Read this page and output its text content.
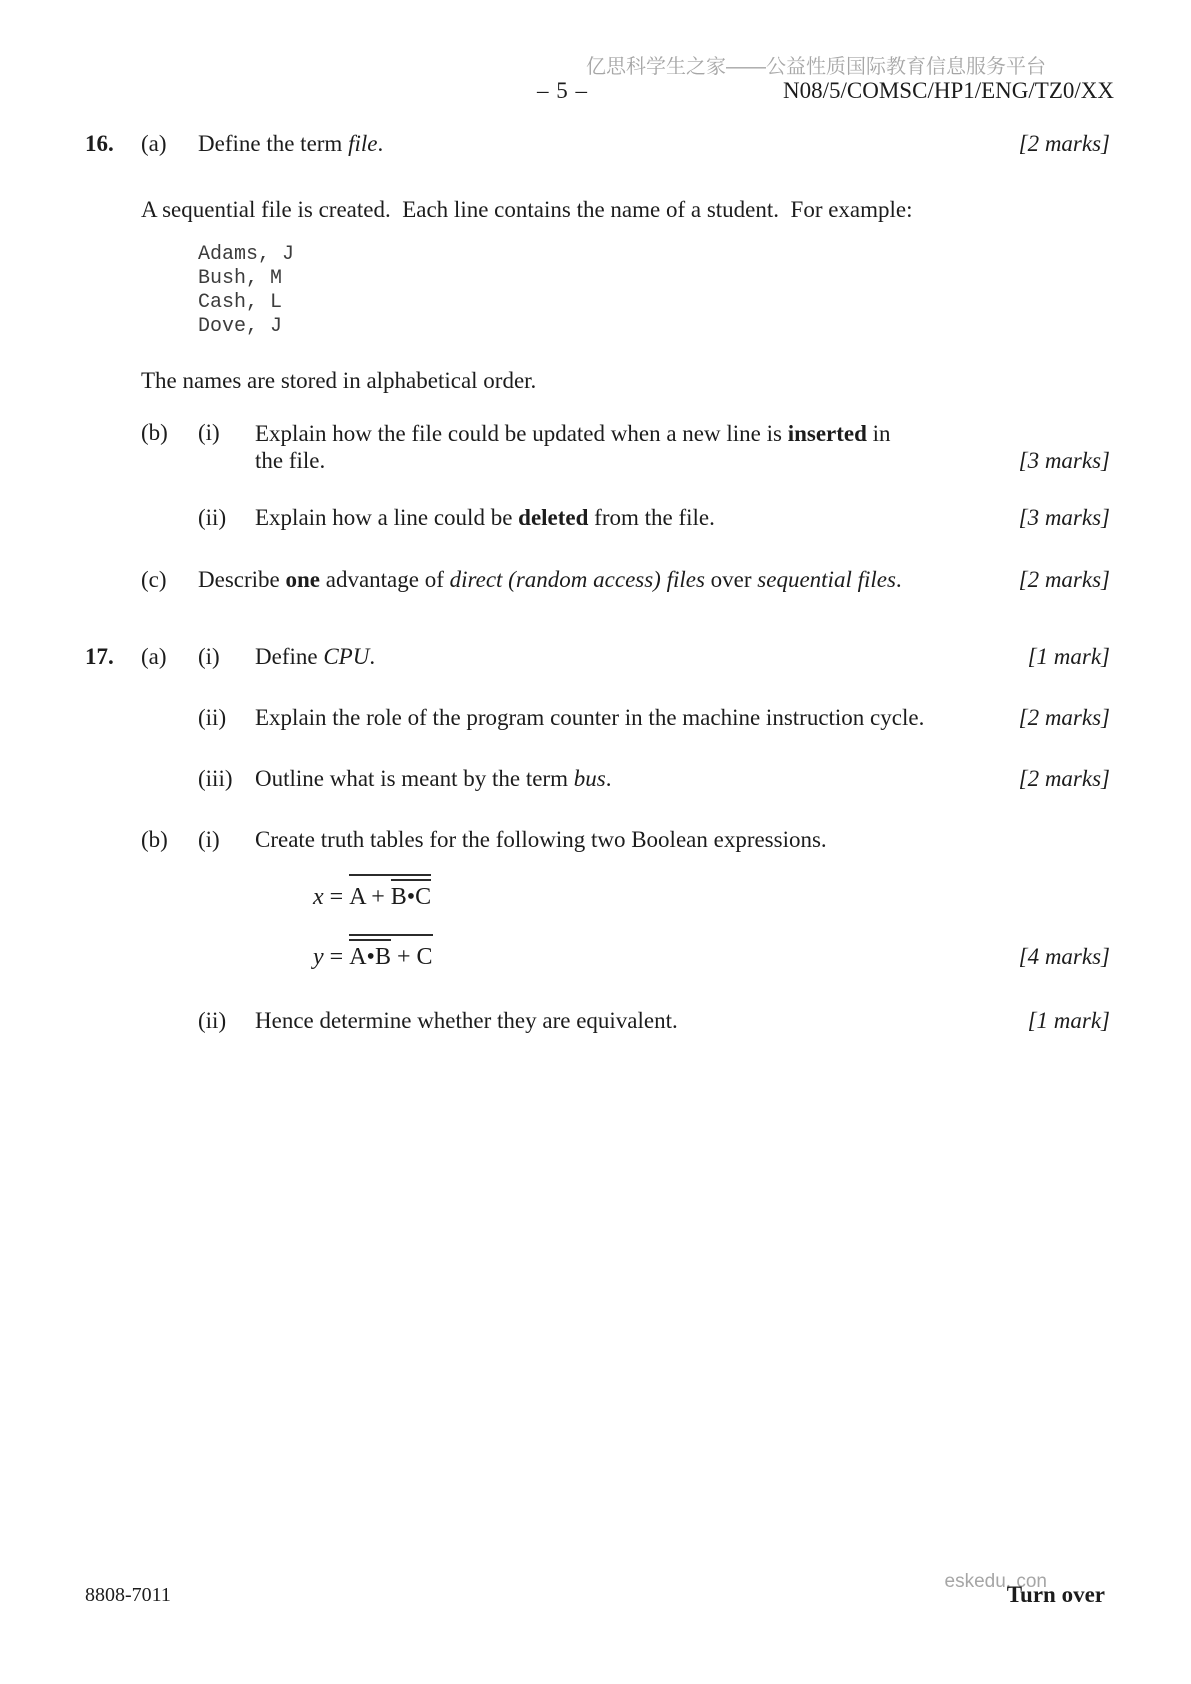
亿思科学生之家——公益性质国际教育信息服务平台
– 5 –	N08/5/COMSC/HP1/ENG/TZ0/XX
16.	(a)	Define the term file.	[2 marks]
A sequential file is created.  Each line contains the name of a student.  For example:
Adams, J
Bush, M
Cash, L
Dove, J
The names are stored in alphabetical order.
(b)	(i)	Explain how the file could be updated when a new line is inserted in
the file.	[3 marks]
(ii)	Explain how a line could be deleted from the file.	[3 marks]
(c)	Describe one advantage of direct (random access) files over sequential files.	[2 marks]
17.	(a)	(i)	Define CPU.	[1 mark]
(ii)	Explain the role of the program counter in the machine instruction cycle.	[2 marks]
(iii) Outline what is meant by the term bus.	[2 marks]
(b)	(i)	Create truth tables for the following two Boolean expressions.
x = A + B•C
y = A•B + C	[4 marks]
(ii)	Hence determine whether they are equivalent.	[1 mark]
8808-7011
eskedu. con
Turn over
